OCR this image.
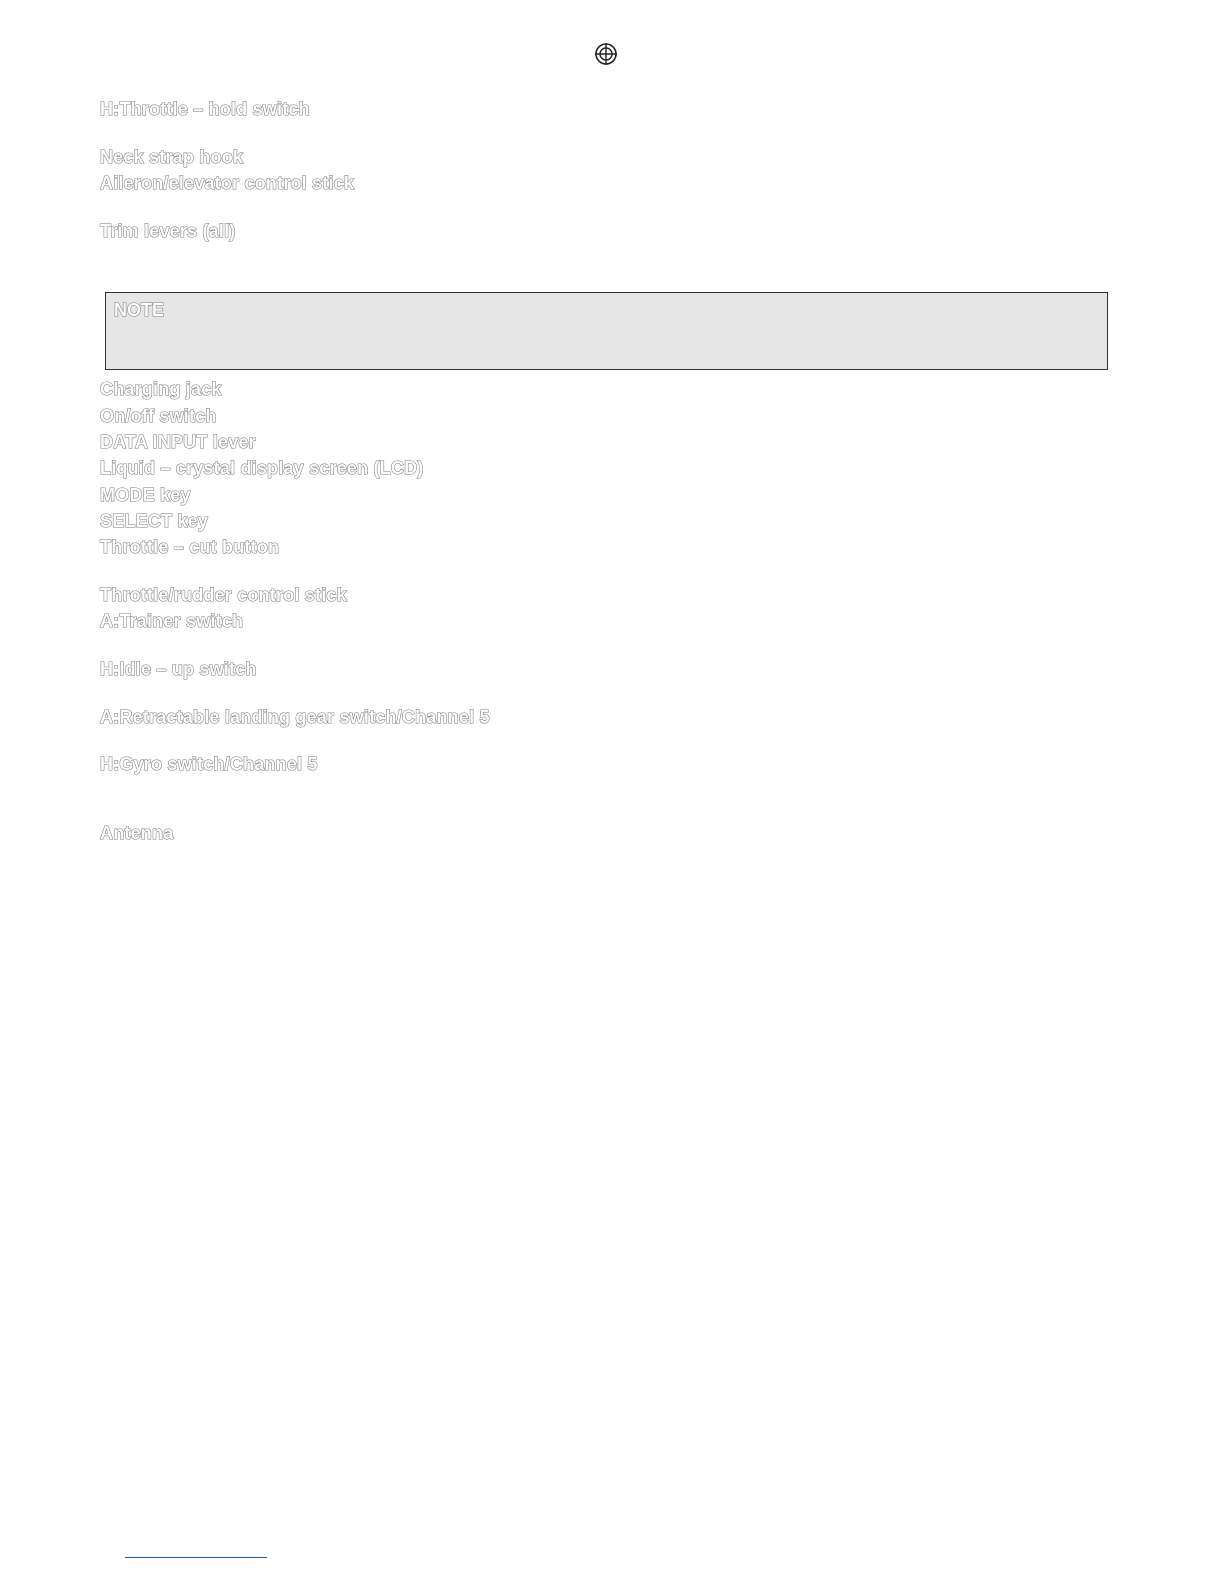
H:Throttle – hold switch

Neck strap hook

Aileron/elevator control stick

Trim levers (all)

NOTE

Charging jack

On/off switch

DATA INPUT lever

Liquid – crystal display screen (LCD)

MODE key

SELECT key

Throttle – cut button

Throttle/rudder control stick

A:Trainer switch

H:Idle – up switch

A:Retractable landing gear switch/Channel 5

H:Gyro switch/Channel 5

Antenna
